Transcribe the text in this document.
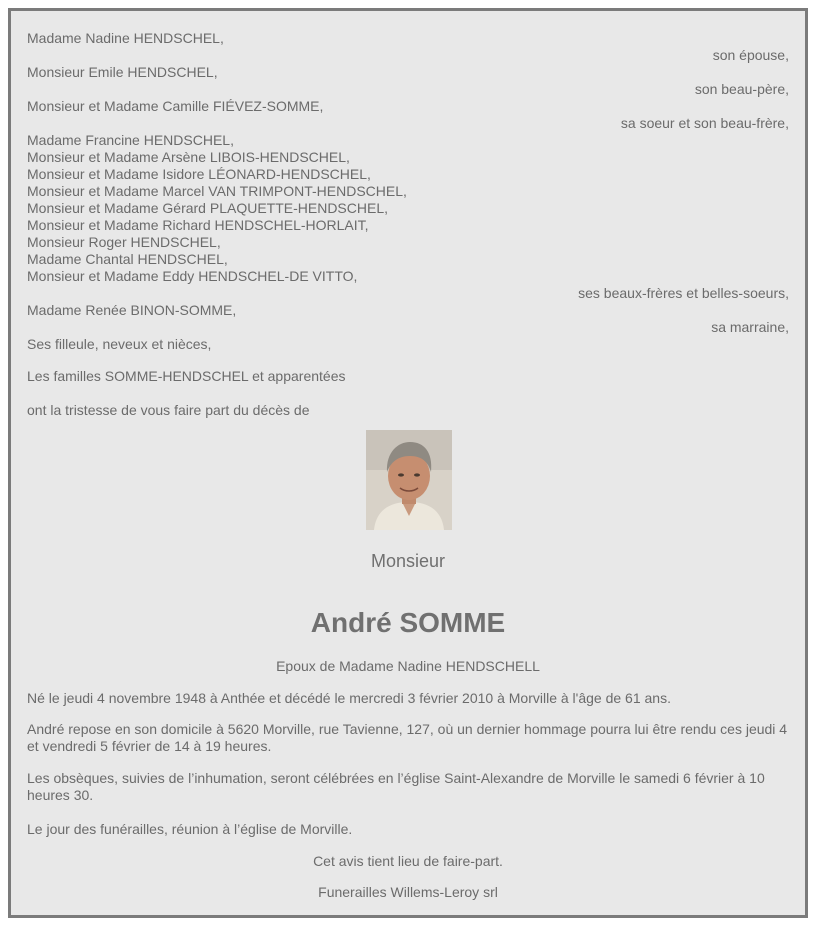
Madame Nadine HENDSCHEL,
son épouse,
Monsieur Emile HENDSCHEL,
son beau-père,
Monsieur et Madame Camille FIÉVEZ-SOMME,
sa soeur et son beau-frère,
Madame Francine HENDSCHEL,
Monsieur et Madame Arsène LIBOIS-HENDSCHEL,
Monsieur et Madame Isidore LÉONARD-HENDSCHEL,
Monsieur et Madame Marcel VAN TRIMPONT-HENDSCHEL,
Monsieur et Madame Gérard PLAQUETTE-HENDSCHEL,
Monsieur et Madame Richard HENDSCHEL-HORLAIT,
Monsieur Roger HENDSCHEL,
Madame Chantal HENDSCHEL,
Monsieur et Madame Eddy HENDSCHEL-DE VITTO,
ses beaux-frères et belles-soeurs,
Madame Renée BINON-SOMME,
sa marraine,
Ses filleule, neveux et nièces,
Les familles SOMME-HENDSCHEL et apparentées
ont la tristesse de vous faire part du décès de
Monsieur
André SOMME
Epoux de Madame Nadine HENDSCHELL
Né le jeudi 4 novembre 1948 à Anthée et décédé le mercredi 3 février 2010 à Morville à l'âge de 61 ans.
André repose en son domicile à 5620 Morville, rue Tavienne, 127, où un dernier hommage pourra lui être rendu ces jeudi 4 et vendredi 5 février de 14 à 19 heures.
Les obsèques, suivies de l’inhumation, seront célébrées en l’église Saint-Alexandre de Morville le samedi 6 février à 10 heures 30.
Le jour des funérailles, réunion à l’église de Morville.
Cet avis tient lieu de faire-part.
Funerailles Willems-Leroy srl
